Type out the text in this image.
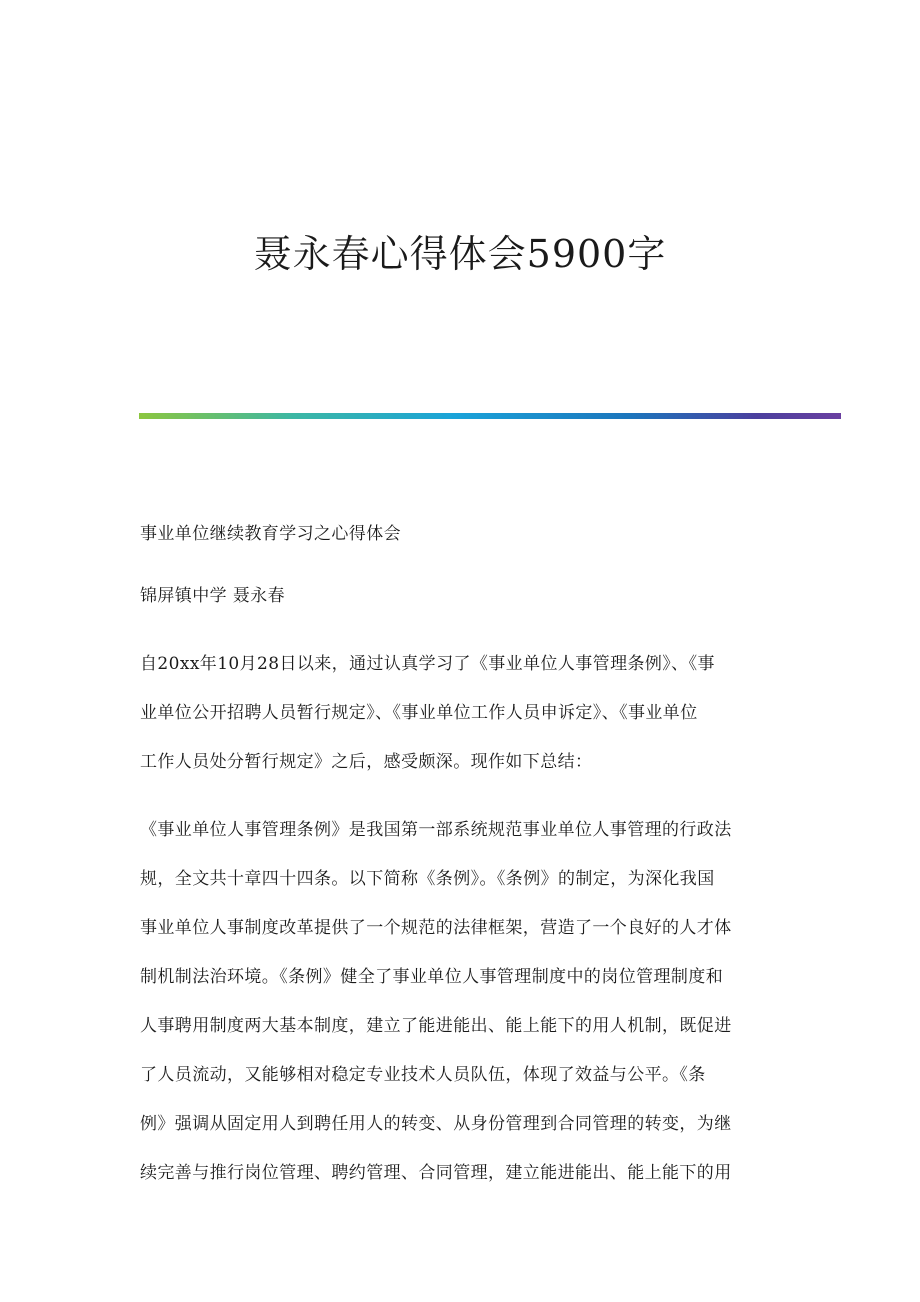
聂永春心得体会5900字

事业单位继续教育学习之心得体会

锦屏镇中学 聂永春

自20xx年10月28日以来，通过认真学习了《事业单位人事管理条例》、《事
业单位公开招聘人员暂行规定》、《事业单位工作人员申诉定》、《事业单位
工作人员处分暂行规定》之后，感受颇深。现作如下总结：

《事业单位人事管理条例》是我国第一部系统规范事业单位人事管理的行政法
规，全文共十章四十四条。以下简称《条例》。《条例》的制定，为深化我国
事业单位人事制度改革提供了一个规范的法律框架，营造了一个良好的人才体
制机制法治环境。《条例》健全了事业单位人事管理制度中的岗位管理制度和
人事聘用制度两大基本制度，建立了能进能出、能上能下的用人机制，既促进
了人员流动，又能够相对稳定专业技术人员队伍，体现了效益与公平。《条
例》强调从固定用人到聘任用人的转变、从身份管理到合同管理的转变，为继
续完善与推行岗位管理、聘约管理、合同管理，建立能进能出、能上能下的用
